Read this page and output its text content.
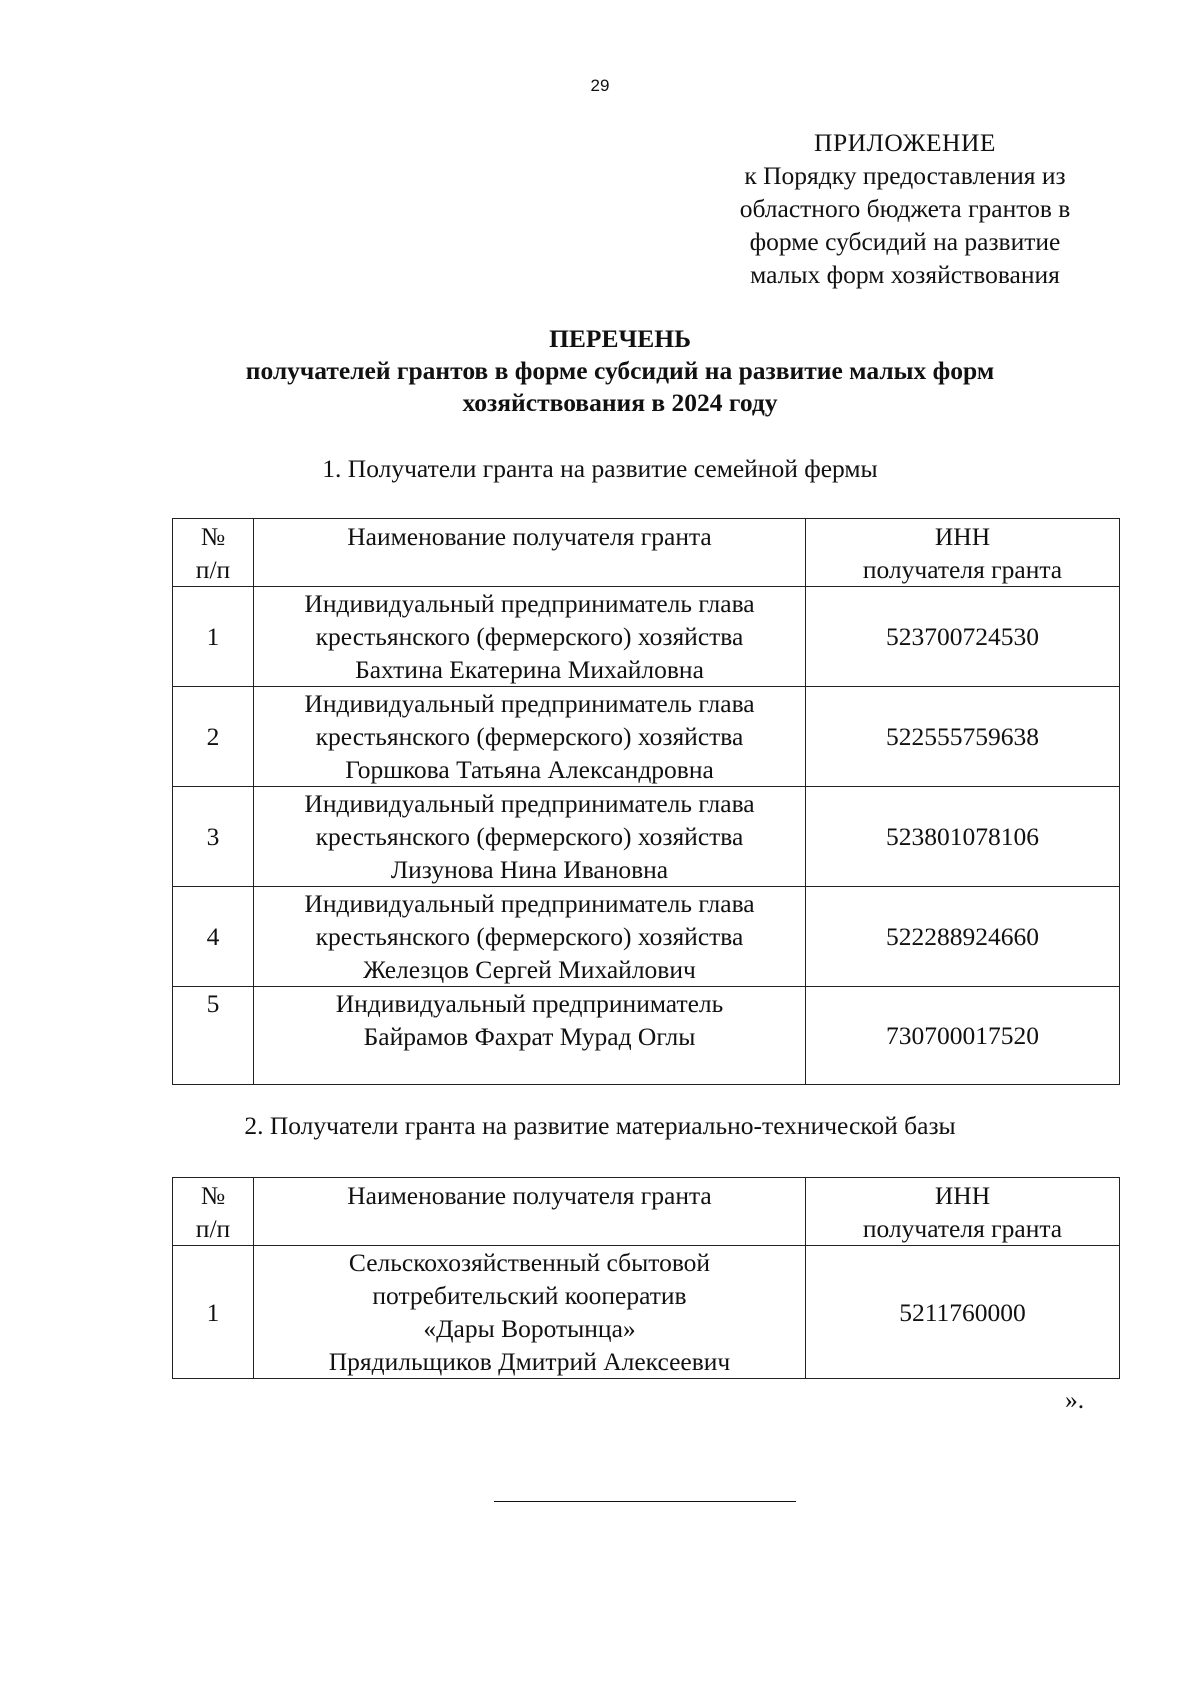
29
ПРИЛОЖЕНИЕ
к Порядку предоставления из
областного бюджета грантов в
форме субсидий на развитие
малых форм хозяйствования
ПЕРЕЧЕНЬ
получателей грантов в форме субсидий на развитие малых форм
хозяйствования в 2024 году
1. Получатели гранта на развитие семейной фермы
№
п/п	Наименование получателя гранта	ИНН
получателя гранта

1	Индивидуальный предприниматель глава
крестьянского (фермерского) хозяйства
Бахтина Екатерина Михайловна	523700724530
2	Индивидуальный предприниматель глава
крестьянского (фермерского) хозяйства
Горшкова Татьяна Александровна	522555759638
3	Индивидуальный предприниматель глава
крестьянского (фермерского) хозяйства
Лизунова Нина Ивановна	523801078106
4	Индивидуальный предприниматель глава
крестьянского (фермерского) хозяйства
Железцов Сергей Михайлович	522288924660
5	Индивидуальный предприниматель
Байрамов Фахрат Мурад Оглы	730700017520
2. Получатели гранта на развитие материально-технической базы
№
п/п	Наименование получателя гранта	ИНН
получателя гранта

1	Сельскохозяйственный сбытовой
потребительский кооператив
«Дары Воротынца»
Прядильщиков Дмитрий Алексеевич	5211760000
».
